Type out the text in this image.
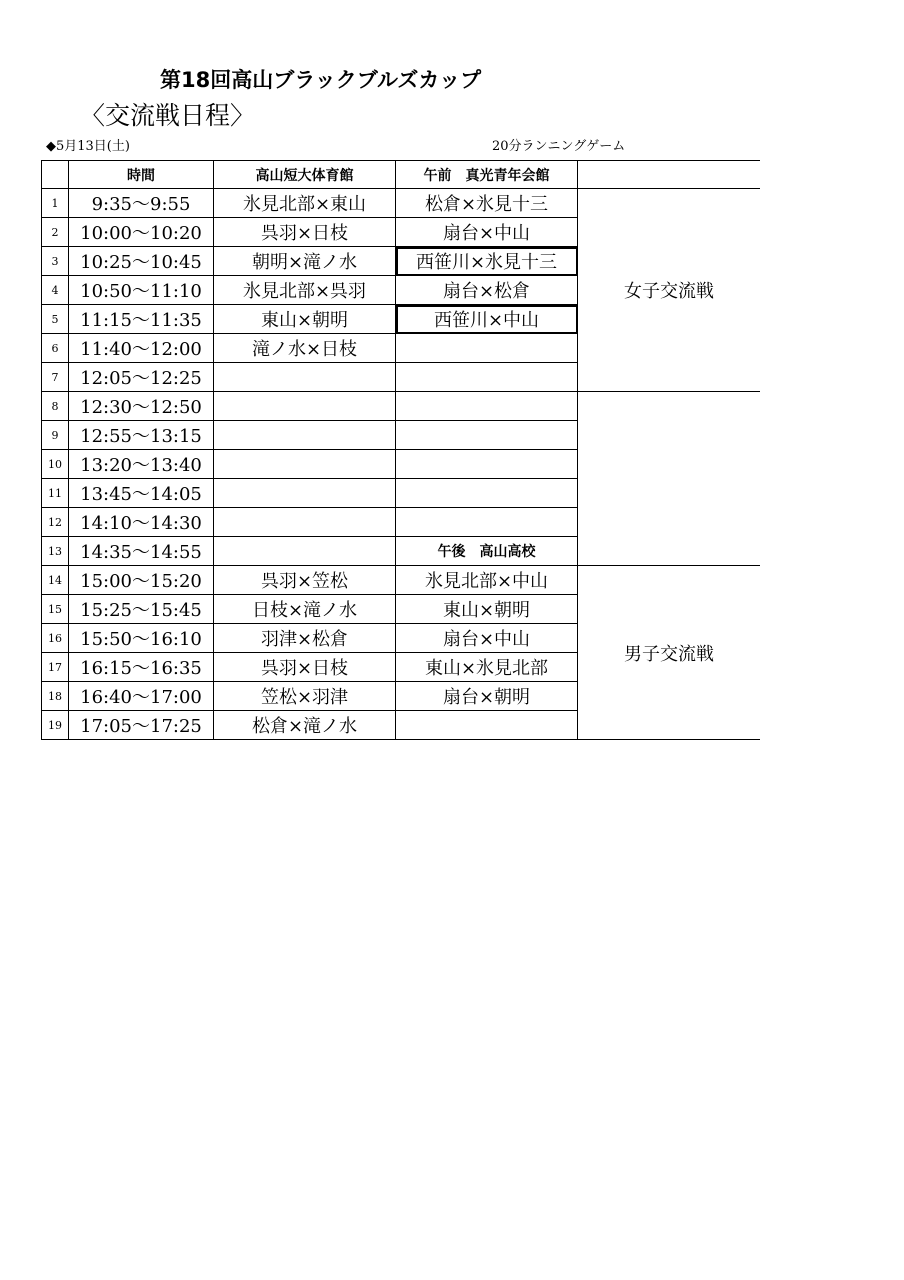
第18回高山ブラックブルズカップ
〈交流戦日程〉
◆5月13日(土)	20分ランニングゲーム
	時間	高山短大体育館	午前　真光青年会館	
1	9:35〜9:55	氷見北部×東山	松倉×氷見十三	女子交流戦
2	10:00〜10:20	呉羽×日枝	扇台×中山	
3	10:25〜10:45	朝明×滝ノ水	西笹川×氷見十三	
4	10:50〜11:10	氷見北部×呉羽	扇台×松倉	
5	11:15〜11:35	東山×朝明	西笹川×中山	
6	11:40〜12:00	滝ノ水×日枝		
7	12:05〜12:25			
8	12:30〜12:50			
9	12:55〜13:15			
10	13:20〜13:40			
11	13:45〜14:05			
12	14:10〜14:30			
13	14:35〜14:55		午後　高山高校	
14	15:00〜15:20	呉羽×笠松	氷見北部×中山	男子交流戦
15	15:25〜15:45	日枝×滝ノ水	東山×朝明	
16	15:50〜16:10	羽津×松倉	扇台×中山	
17	16:15〜16:35	呉羽×日枝	東山×氷見北部	
18	16:40〜17:00	笠松×羽津	扇台×朝明	
19	17:05〜17:25	松倉×滝ノ水		
